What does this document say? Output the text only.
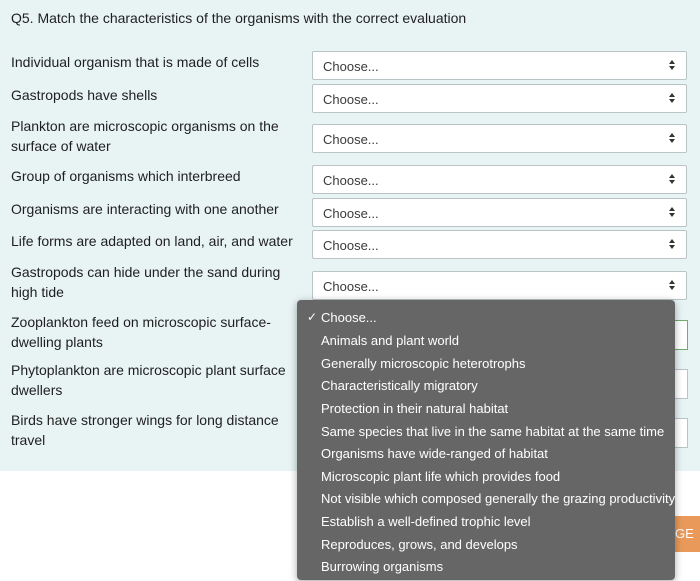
Q5. Match the characteristics of the organisms with the correct evaluation
Individual organism that is made of cells
Gastropods have shells
Plankton are microscopic organisms on the surface of water
Group of organisms which interbreed
Organisms are interacting with one another
Life forms are adapted on land, air, and water
Gastropods can hide under the sand during high tide
Zooplankton feed on microscopic surface-dwelling plants
Phytoplankton are microscopic plant surface dwellers
Birds have stronger wings for long distance travel
Choose...
Choose...
Choose...
Choose...
Choose...
Choose...
Choose...
GE
✓ Choose...
Animals and plant world
Generally microscopic heterotrophs
Characteristically migratory
Protection in their natural habitat
Same species that live in the same habitat at the same time
Organisms have wide-ranged of habitat
Microscopic plant life which provides food
Not visible which composed generally the grazing productivity
Establish a well-defined trophic level
Reproduces, grows, and develops
Burrowing organisms
